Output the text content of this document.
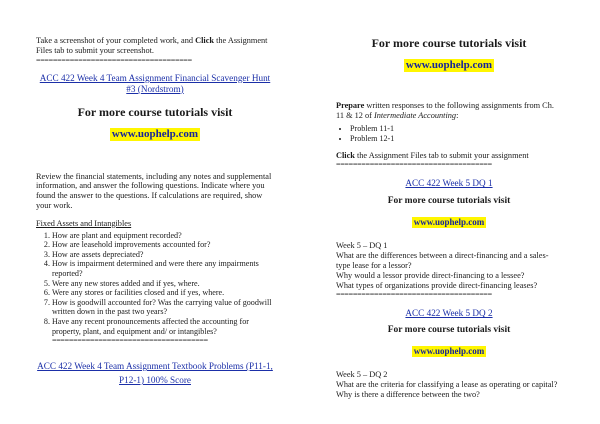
Take a screenshot of your completed work, and Click the Assignment Files tab to submit your screenshot.

=====================================
ACC 422 Week 4 Team Assignment Financial Scavenger Hunt #3 (Nordstrom)
For more course tutorials visit
www.uophelp.com

Review the financial statements, including any notes and supplemental information, and answer the following questions. Indicate where you found the answer to the questions. If calculations are required, show your work.

Fixed Assets and Intangibles

1. How are plant and equipment recorded?
2. How are leasehold improvements accounted for?
3. How are assets depreciated?
4. How is impairment determined and were there any impairments reported?
5. Were any new stores added and if yes, where.
6. Were any stores or facilities closed and if yes, where.
7. How is goodwill accounted for? Was the carrying value of goodwill written down in the past two years?
8. Have any recent pronouncements affected the accounting for property, plant, and equipment and/ or intangibles?
=====================================
ACC 422 Week 4 Team Assignment Textbook Problems (P11-1, P12-1) 100% Score
For more course tutorials visit
www.uophelp.com

Prepare written responses to the following assignments from Ch. 11 & 12 of Intermediate Accounting:

• Problem 11-1
• Problem 12-1

Click the Assignment Files tab to submit your assignment

=====================================
ACC 422 Week 5 DQ 1
For more course tutorials visit
www.uophelp.com

Week 5 – DQ 1

What are the differences between a direct-financing and a sales-type lease for a lessor?

Why would a lessor provide direct-financing to a lessee?

What types of organizations provide direct-financing leases?

=====================================
ACC 422 Week 5 DQ 2
For more course tutorials visit
www.uophelp.com

Week 5 – DQ 2

What are the criteria for classifying a lease as operating or capital?

Why is there a difference between the two?
